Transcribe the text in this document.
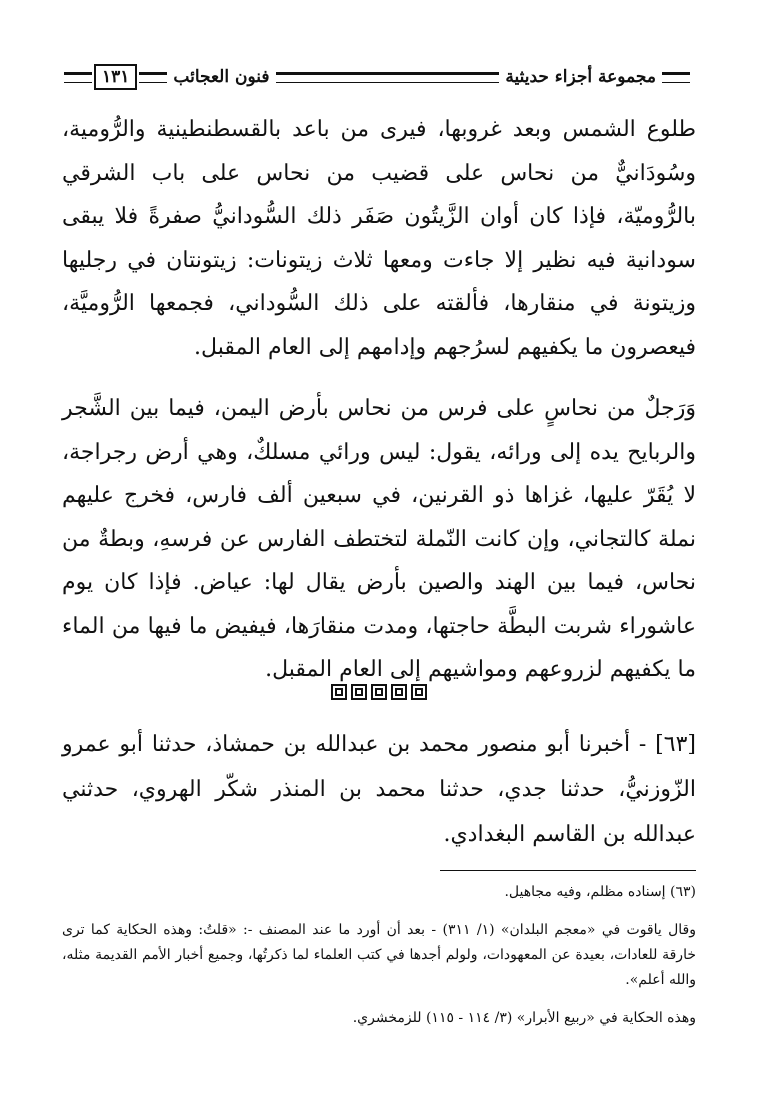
مجموعة أجزاء حديثية
فنون العجائب
١٣١

طلوع الشمس وبعد غروبها، فيرى من باعد بالقسطنطينية والرُّومية، وسُودَانيٌّ من نحاس على قضيب من نحاس على باب الشرقي بالرُّوميّة، فإذا كان أوان الزَّيتُون صَفَر ذلك السُّودانيُّ صفرةً فلا يبقى سودانية فيه نظير إلا جاءت ومعها ثلاث زيتونات: زيتونتان في رجليها وزيتونة في منقارها، فألقته على ذلك السُّوداني، فجمعها الرُّوميَّة، فيعصرون ما يكفيهم لسرُجهم وإدامهم إلى العام المقبل.

وَرَجلٌ من نحاسٍ على فرس من نحاس بأرض اليمن، فيما بين الشَّجر والربايح يده إلى ورائه، يقول: ليس ورائي مسلكٌ، وهي أرض رجراجة، لا يُقَرّ عليها، غزاها ذو القرنين، في سبعين ألف فارس، فخرج عليهم نملة كالتجاني، وإن كانت النّملة لتختطف الفارس عن فرسهِ، وبطةٌ من نحاس، فيما بين الهند والصين بأرض يقال لها: عياض. فإذا كان يوم عاشوراء شربت البطَّة حاجتها، ومدت منقارَها، فيفيض ما فيها من الماء ما يكفيهم لزروعهم ومواشيهم إلى العام المقبل.

[٦٣] - أخبرنا أبو منصور محمد بن عبدالله بن حمشاذ، حدثنا أبو عمرو الزّوزنيُّ، حدثنا جدي، حدثنا محمد بن المنذر شكّر الهروي، حدثني عبدالله بن القاسم البغدادي.

(٦٣) إسناده مظلم، وفيه مجاهيل.

وقال ياقوت في «معجم البلدان» (١/ ٣١١) - بعد أن أورد ما عند المصنف -: «قلتُ: وهذه الحكاية كما ترى خارقة للعادات، بعيدة عن المعهودات، ولولم أجدها في كتب العلماء لما ذكرتُها، وجميع أخبار الأمم القديمة مثله، والله أعلم».

وهذه الحكاية في «ربيع الأبرار» (٣/ ١١٤ - ١١٥) للزمخشري.
